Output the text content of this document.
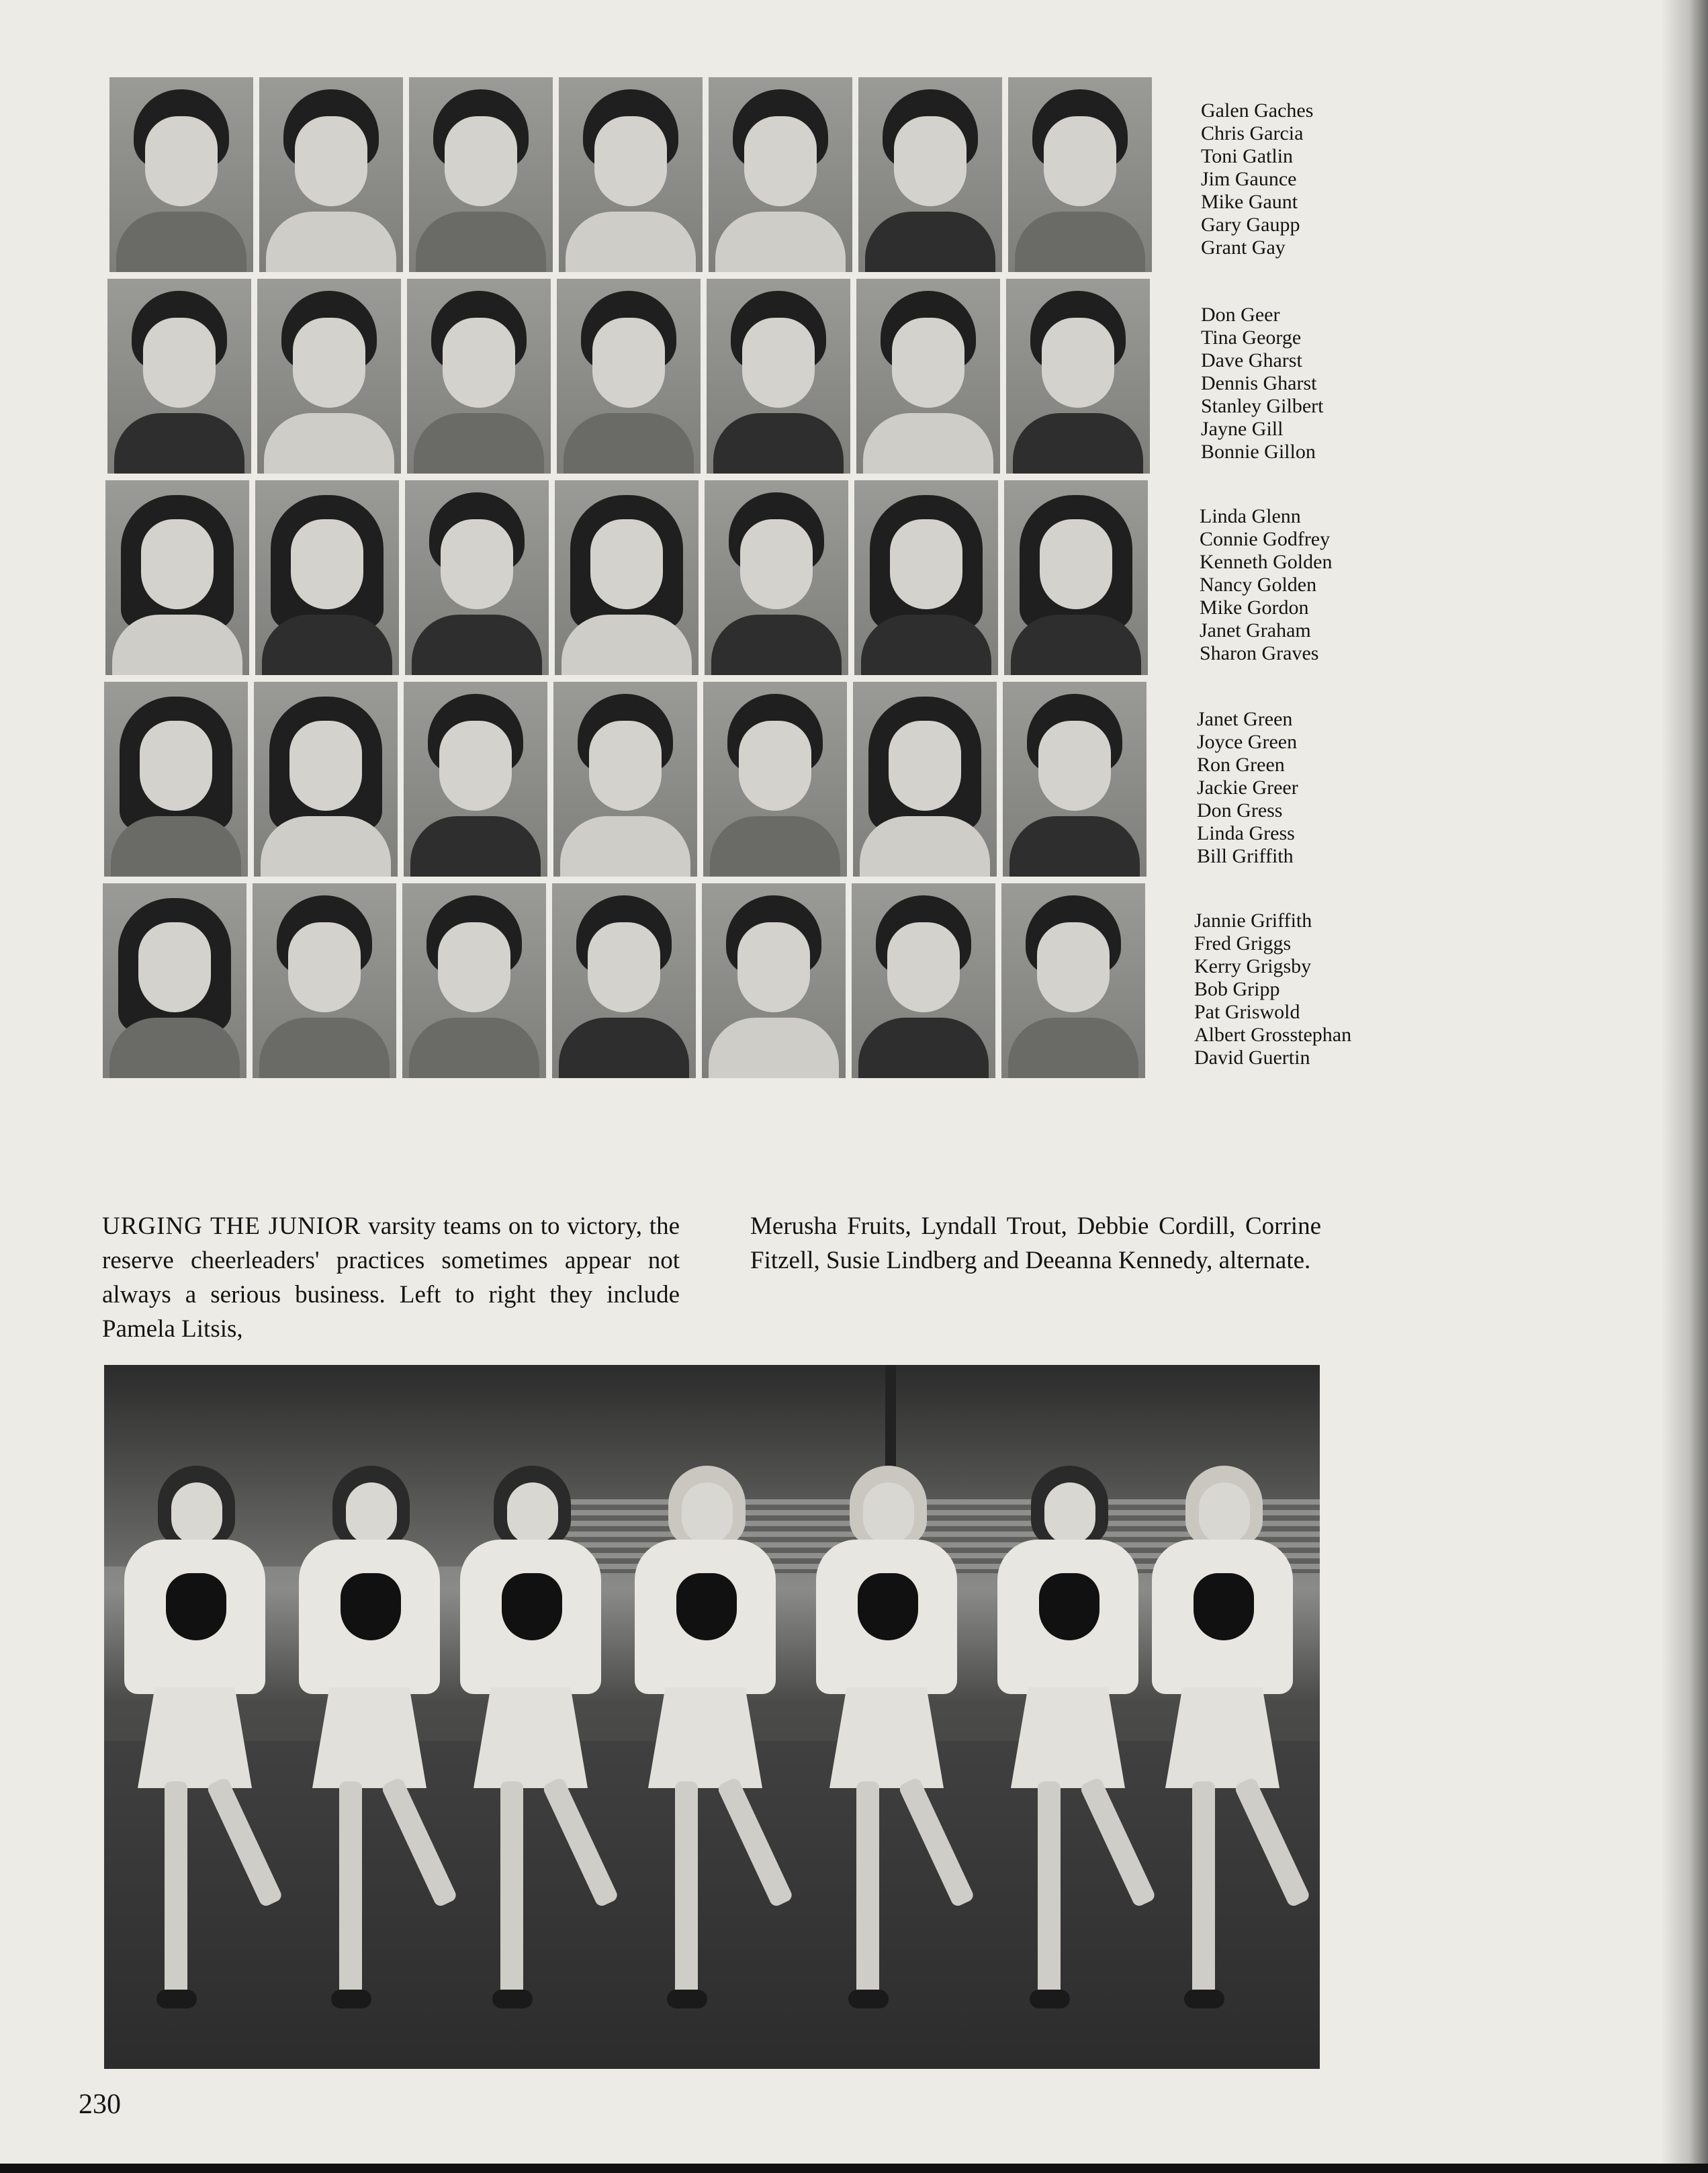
Galen Gaches
Chris Garcia
Toni Gatlin
Jim Gaunce
Mike Gaunt
Gary Gaupp
Grant Gay
Don Geer
Tina George
Dave Gharst
Dennis Gharst
Stanley Gilbert
Jayne Gill
Bonnie Gillon
Linda Glenn
Connie Godfrey
Kenneth Golden
Nancy Golden
Mike Gordon
Janet Graham
Sharon Graves
Janet Green
Joyce Green
Ron Green
Jackie Greer
Don Gress
Linda Gress
Bill Griffith
Jannie Griffith
Fred Griggs
Kerry Grigsby
Bob Gripp
Pat Griswold
Albert Grosstephan
David Guertin
URGING THE JUNIOR varsity teams on to victory, the reserve cheerleaders' practices sometimes appear not always a serious business. Left to right they include Pamela Litsis,
Merusha Fruits, Lyndall Trout, Debbie Cordill, Corrine Fitzell, Susie Lindberg and Deeanna Kennedy, alternate.
230
